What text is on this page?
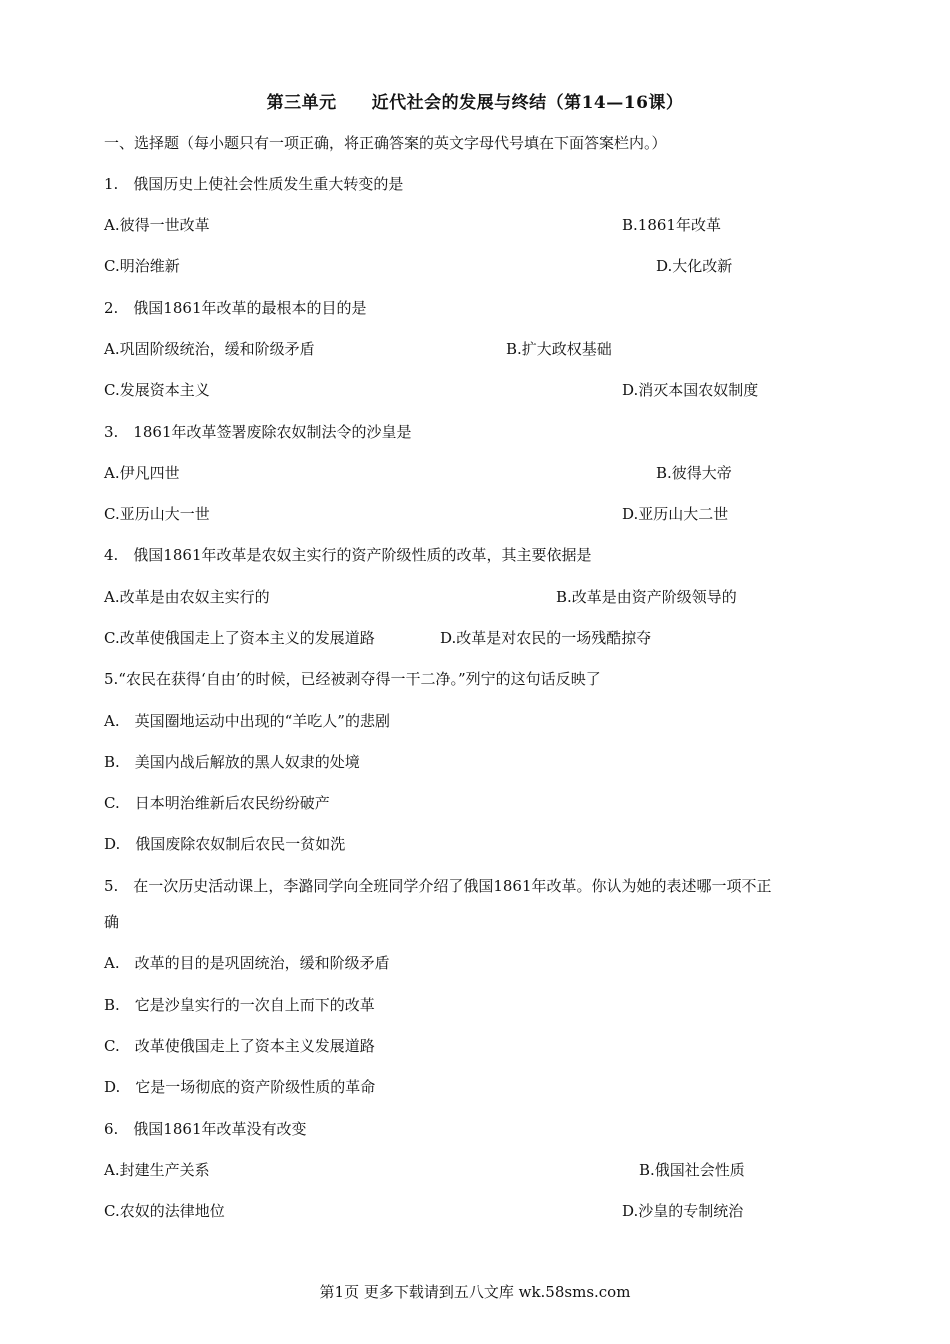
第三单元　　近代社会的发展与终结（第14—16课）
一、选择题（每小题只有一项正确，将正确答案的英文字母代号填在下面答案栏内。）
1.　俄国历史上使社会性质发生重大转变的是
A.彼得一世改革	B.1861年改革
C.明治维新	D.大化改新
2.　俄国1861年改革的最根本的目的是
A.巩固阶级统治，缓和阶级矛盾	B.扩大政权基础
C.发展资本主义	D.消灭本国农奴制度
3.　1861年改革签署废除农奴制法令的沙皇是
A.伊凡四世	B.彼得大帝
C.亚历山大一世	D.亚历山大二世
4.　俄国1861年改革是农奴主实行的资产阶级性质的改革，其主要依据是
A.改革是由农奴主实行的	B.改革是由资产阶级领导的
C.改革使俄国走上了资本主义的发展道路	D.改革是对农民的一场残酷掠夺
5.“农民在获得‘自由’的时候，已经被剥夺得一干二净。”列宁的这句话反映了
A.　英国圈地运动中出现的“羊吃人”的悲剧
B.　美国内战后解放的黑人奴隶的处境
C.　日本明治维新后农民纷纷破产
D.　俄国废除农奴制后农民一贫如洗
5.　在一次历史活动课上，李潞同学向全班同学介绍了俄国1861年改革。你认为她的表述哪一项不正
确
A.　改革的目的是巩固统治，缓和阶级矛盾
B.　它是沙皇实行的一次自上而下的改革
C.　改革使俄国走上了资本主义发展道路
D.　它是一场彻底的资产阶级性质的革命
6.　俄国1861年改革没有改变
A.封建生产关系	B.俄国社会性质
C.农奴的法律地位	D.沙皇的专制统治
第1页 更多下载请到五八文库 wk.58sms.com
